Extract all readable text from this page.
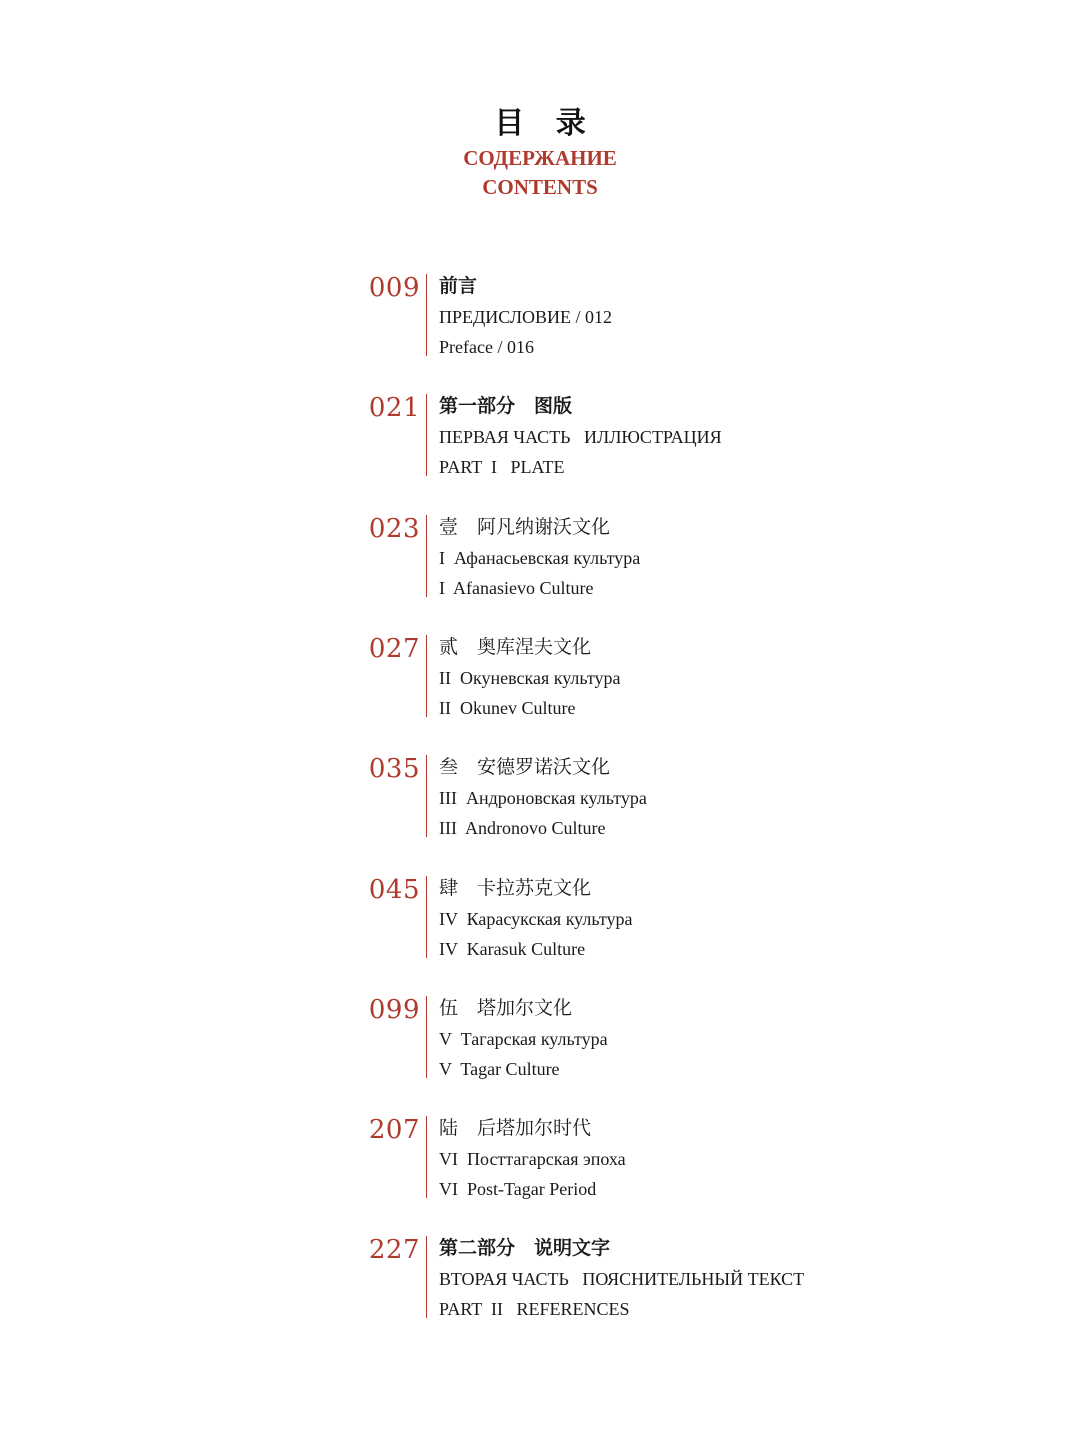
目 录
СОДЕРЖАНИЕ
CONTENTS
009 前言
ПРЕДИСЛОВИЕ / 012
Preface / 016
021 第一部分　图版
ПЕРВАЯ ЧАСТЬ   ИЛЛЮСТРАЦИЯ
PART  I   PLATE
023 壹　阿凡纳谢沃文化
I  Афанасьевская культура
I  Afanasievo Culture
027 贰　奥库涅夫文化
II  Окуневская культура
II  Okunev Culture
035 叁　安德罗诺沃文化
III  Андроновская культура
III  Andronovo Culture
045 肆　卡拉苏克文化
IV  Карасукская культура
IV  Karasuk Culture
099 伍　塔加尔文化
V  Тагарская культура
V  Tagar Culture
207 陆　后塔加尔时代
VI  Посттагарская эпоха
VI  Post-Tagar Period
227 第二部分　说明文字
ВТОРАЯ ЧАСТЬ   ПОЯСНИТЕЛЬНЫЙ ТЕКСТ
PART  II   REFERENCES
